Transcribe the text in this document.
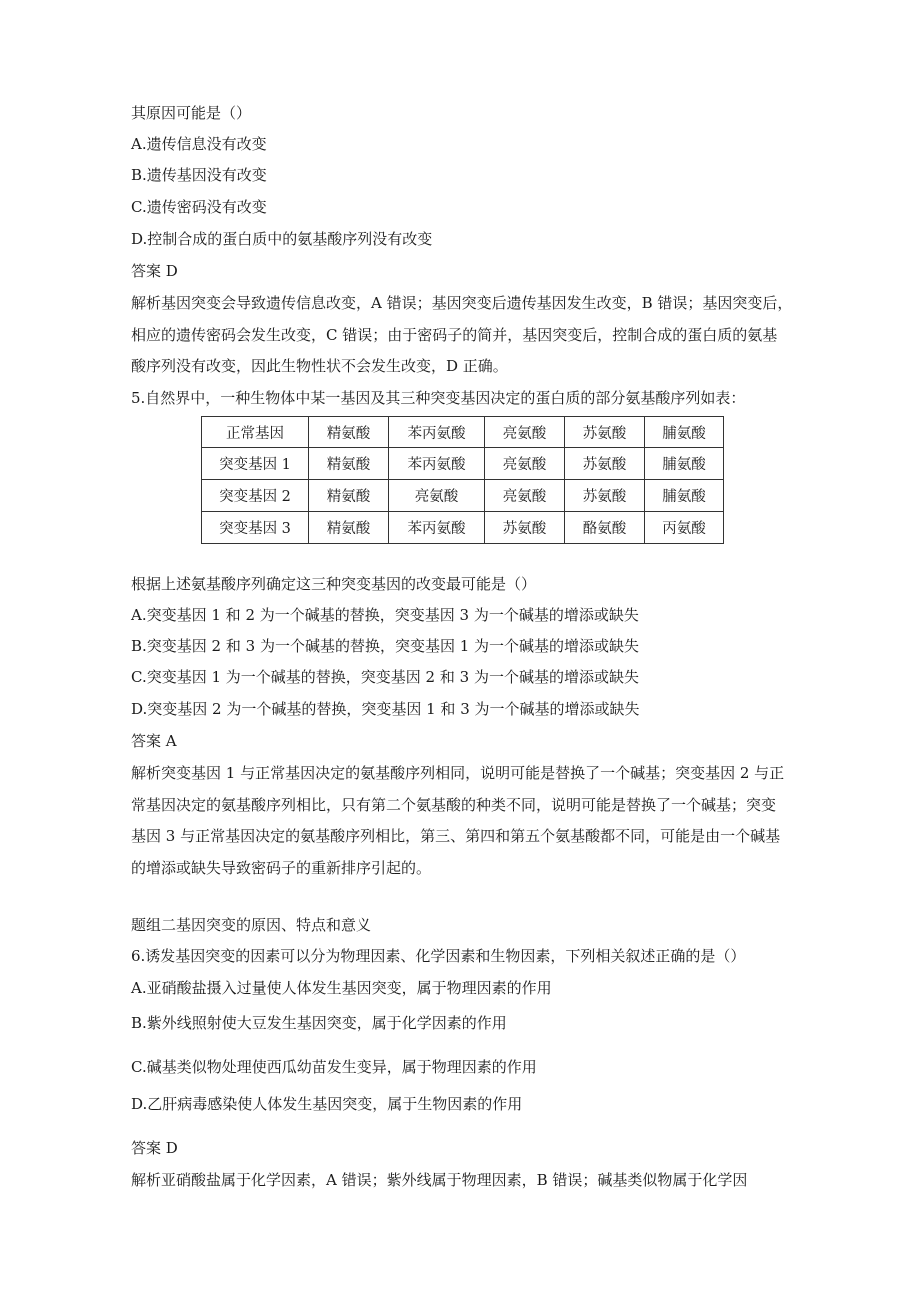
其原因可能是（）
A.遗传信息没有改变
B.遗传基因没有改变
C.遗传密码没有改变
D.控制合成的蛋白质中的氨基酸序列没有改变
答案 D
解析基因突变会导致遗传信息改变，A 错误；基因突变后遗传基因发生改变，B 错误；基因突变后，
相应的遗传密码会发生改变，C 错误；由于密码子的简并，基因突变后，控制合成的蛋白质的氨基
酸序列没有改变，因此生物性状不会发生改变，D 正确。
5.自然界中，一种生物体中某一基因及其三种突变基因决定的蛋白质的部分氨基酸序列如表：
正常基因	精氨酸	苯丙氨酸	亮氨酸	苏氨酸	脯氨酸
突变基因 1	精氨酸	苯丙氨酸	亮氨酸	苏氨酸	脯氨酸
突变基因 2	精氨酸	亮氨酸	亮氨酸	苏氨酸	脯氨酸
突变基因 3	精氨酸	苯丙氨酸	苏氨酸	酪氨酸	丙氨酸
根据上述氨基酸序列确定这三种突变基因的改变最可能是（）
A.突变基因 1 和 2 为一个碱基的替换，突变基因 3 为一个碱基的增添或缺失
B.突变基因 2 和 3 为一个碱基的替换，突变基因 1 为一个碱基的增添或缺失
C.突变基因 1 为一个碱基的替换，突变基因 2 和 3 为一个碱基的增添或缺失
D.突变基因 2 为一个碱基的替换，突变基因 1 和 3 为一个碱基的增添或缺失
答案 A
解析突变基因 1 与正常基因决定的氨基酸序列相同，说明可能是替换了一个碱基；突变基因 2 与正
常基因决定的氨基酸序列相比，只有第二个氨基酸的种类不同，说明可能是替换了一个碱基；突变
基因 3 与正常基因决定的氨基酸序列相比，第三、第四和第五个氨基酸都不同，可能是由一个碱基
的增添或缺失导致密码子的重新排序引起的。
题组二基因突变的原因、特点和意义
6.诱发基因突变的因素可以分为物理因素、化学因素和生物因素，下列相关叙述正确的是（）
A.亚硝酸盐摄入过量使人体发生基因突变，属于物理因素的作用
B.紫外线照射使大豆发生基因突变，属于化学因素的作用
C.碱基类似物处理使西瓜幼苗发生变异，属于物理因素的作用
D.乙肝病毒感染使人体发生基因突变，属于生物因素的作用
答案 D
解析亚硝酸盐属于化学因素，A 错误；紫外线属于物理因素，B 错误；碱基类似物属于化学因
